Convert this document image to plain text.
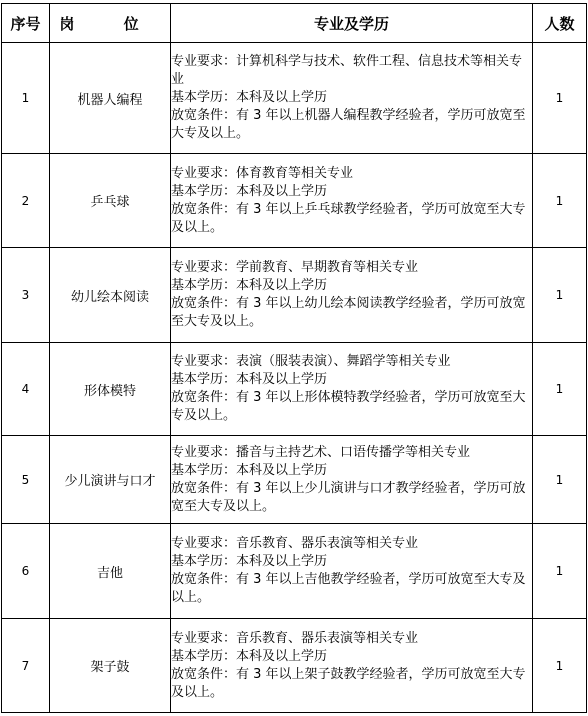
序号	岗 位	专业及学历	人数
1	机器人编程	专业要求：计算机科学与技术、软件工程、信息技术等相关专业
基本学历：本科及以上学历
放宽条件：有 3 年以上机器人编程教学经验者，学历可放宽至大专及以上。	1
2	乒乓球	专业要求：体育教育等相关专业
基本学历：本科及以上学历
放宽条件：有 3 年以上乒乓球教学经验者，学历可放宽至大专及以上。	1
3	幼儿绘本阅读	专业要求：学前教育、早期教育等相关专业
基本学历：本科及以上学历
放宽条件：有 3 年以上幼儿绘本阅读教学经验者，学历可放宽至大专及以上。	1
4	形体模特	专业要求：表演（服装表演）、舞蹈学等相关专业
基本学历：本科及以上学历
放宽条件：有 3 年以上形体模特教学经验者，学历可放宽至大专及以上。	1
5	少儿演讲与口才	专业要求：播音与主持艺术、口语传播学等相关专业
基本学历：本科及以上学历
放宽条件：有 3 年以上少儿演讲与口才教学经验者，学历可放宽至大专及以上。	1
6	吉他	专业要求：音乐教育、器乐表演等相关专业
基本学历：本科及以上学历
放宽条件：有 3 年以上吉他教学经验者，学历可放宽至大专及以上。	1
7	架子鼓	专业要求：音乐教育、器乐表演等相关专业
基本学历：本科及以上学历
放宽条件：有 3 年以上架子鼓教学经验者，学历可放宽至大专及以上。	1
